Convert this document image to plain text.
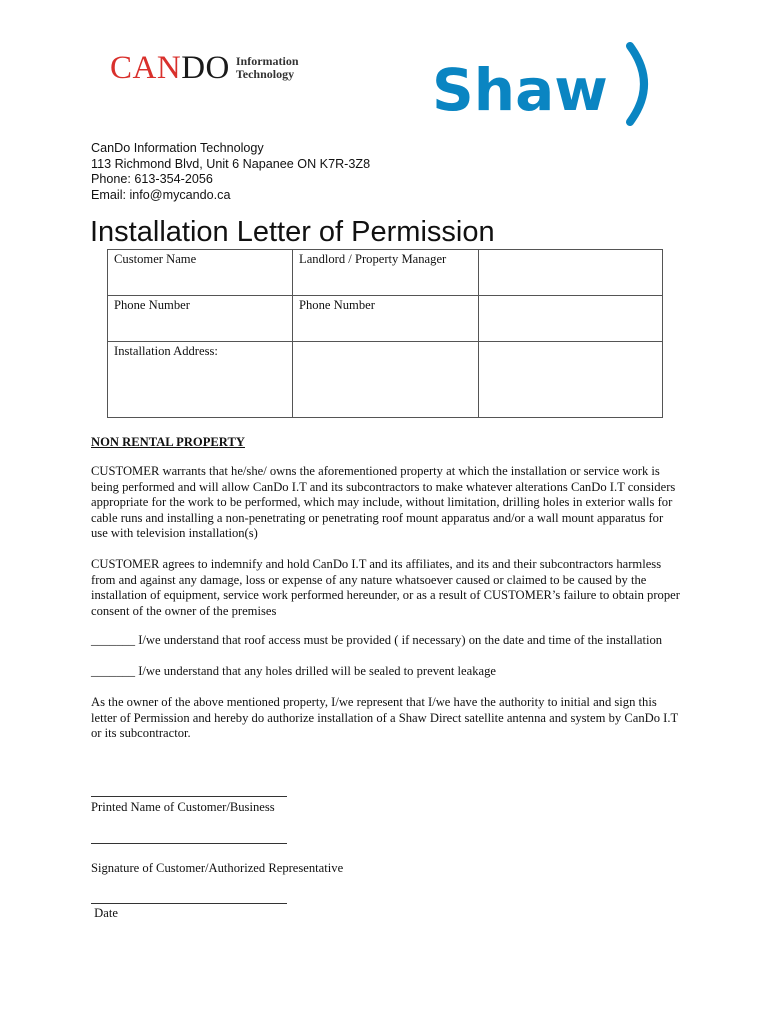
CAN DO Information
Technology Shaw
CanDo Information Technology
113 Richmond Blvd, Unit 6 Napanee ON K7R-3Z8
Phone: 613-354-2056
Email: info@mycando.ca
Installation Letter of Permission
Customer Name	Landlord / Property Manager	
Phone Number	Phone Number	
Installation Address:		
NON RENTAL PROPERTY
CUSTOMER warrants that he/she/ owns the aforementioned property at which the installation or service work is
being performed and will allow CanDo I.T and its subcontractors to make whatever alterations CanDo I.T considers
appropriate for the work to be performed, which may include, without limitation, drilling holes in exterior walls for
cable runs and installing a non-penetrating or penetrating roof mount apparatus and/or a wall mount apparatus for
use with television installation(s)
CUSTOMER agrees to indemnify and hold CanDo I.T and its affiliates, and its and their subcontractors harmless
from and against any damage, loss or expense of any nature whatsoever caused or claimed to be caused by the
installation of equipment, service work performed hereunder, or as a result of CUSTOMER’s failure to obtain proper
consent of the owner of the premises
_______ I/we understand that roof access must be provided ( if necessary) on the date and time of the installation
_______ I/we understand that any holes drilled will be sealed to prevent leakage
As the owner of the above mentioned property, I/we represent that I/we have the authority to initial and sign this
letter of Permission and hereby do authorize installation of a Shaw Direct satellite antenna and system by CanDo I.T
or its subcontractor.
Printed Name of Customer/Business
Signature of Customer/Authorized Representative
Date
